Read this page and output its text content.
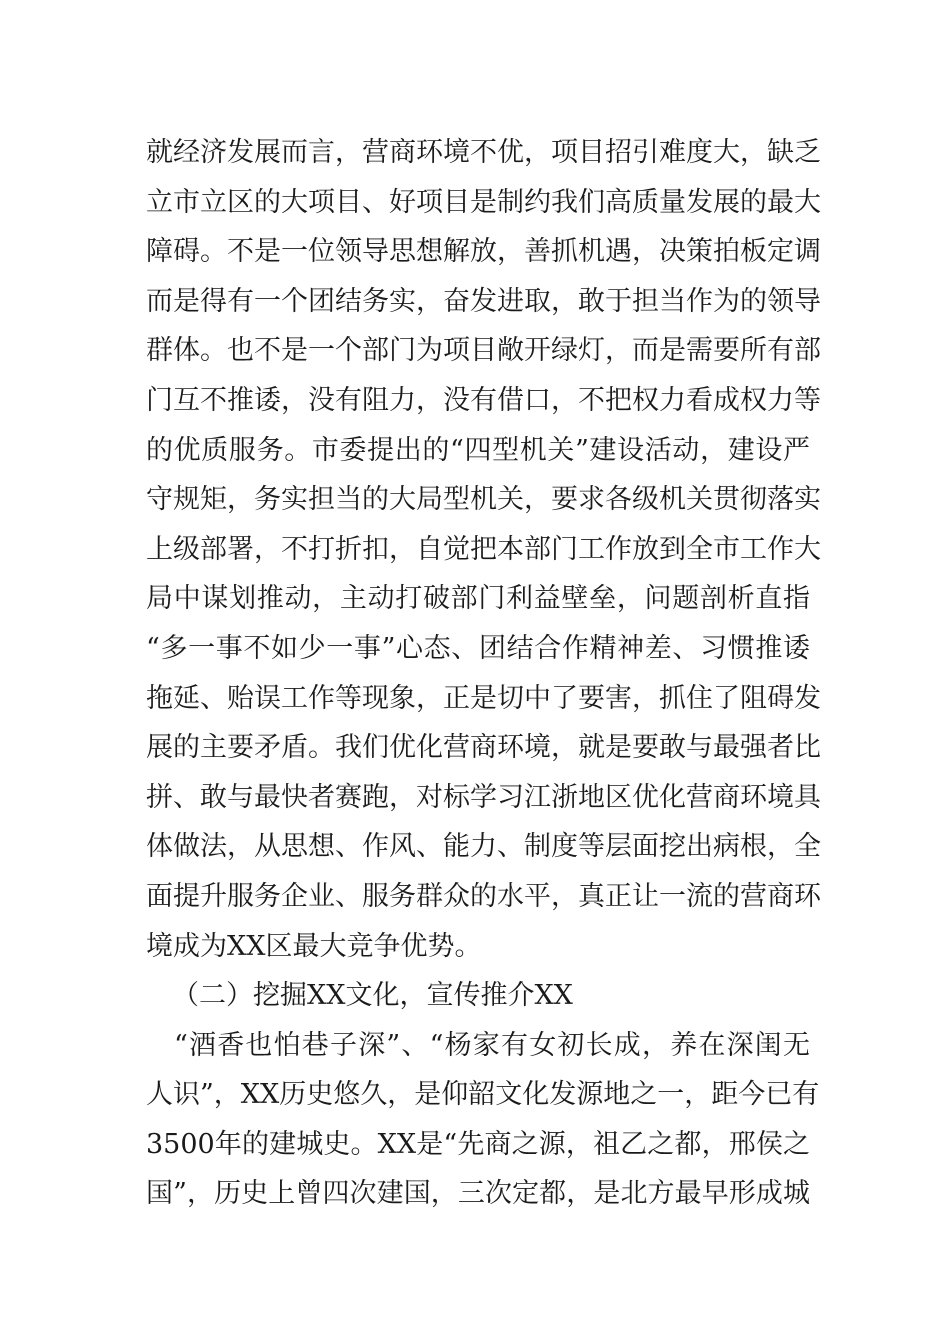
就经济发展而言，营商环境不优，项目招引难度大，缺乏
立市立区的大项目、好项目是制约我们高质量发展的最大
障碍。不是一位领导思想解放，善抓机遇，决策拍板定调
而是得有一个团结务实，奋发进取，敢于担当作为的领导
群体。也不是一个部门为项目敞开绿灯，而是需要所有部
门互不推诿，没有阻力，没有借口，不把权力看成权力等
的优质服务。市委提出的“四型机关”建设活动，建设严
守规矩，务实担当的大局型机关，要求各级机关贯彻落实
上级部署，不打折扣，自觉把本部门工作放到全市工作大
局中谋划推动，主动打破部门利益壁垒，问题剖析直指
“多一事不如少一事”心态、团结合作精神差、习惯推诿
拖延、贻误工作等现象，正是切中了要害，抓住了阻碍发
展的主要矛盾。我们优化营商环境，就是要敢与最强者比
拼、敢与最快者赛跑，对标学习江浙地区优化营商环境具
体做法，从思想、作风、能力、制度等层面挖出病根，全
面提升服务企业、服务群众的水平，真正让一流的营商环
境成为XX区最大竞争优势。
（二）挖掘XX文化，宣传推介XX
“酒香也怕巷子深”、“杨家有女初长成，养在深闺无
人识”，XX历史悠久，是仰韶文化发源地之一，距今已有
3500年的建城史。XX是“先商之源，祖乙之都，邢侯之
国”，历史上曾四次建国，三次定都，是北方最早形成城
